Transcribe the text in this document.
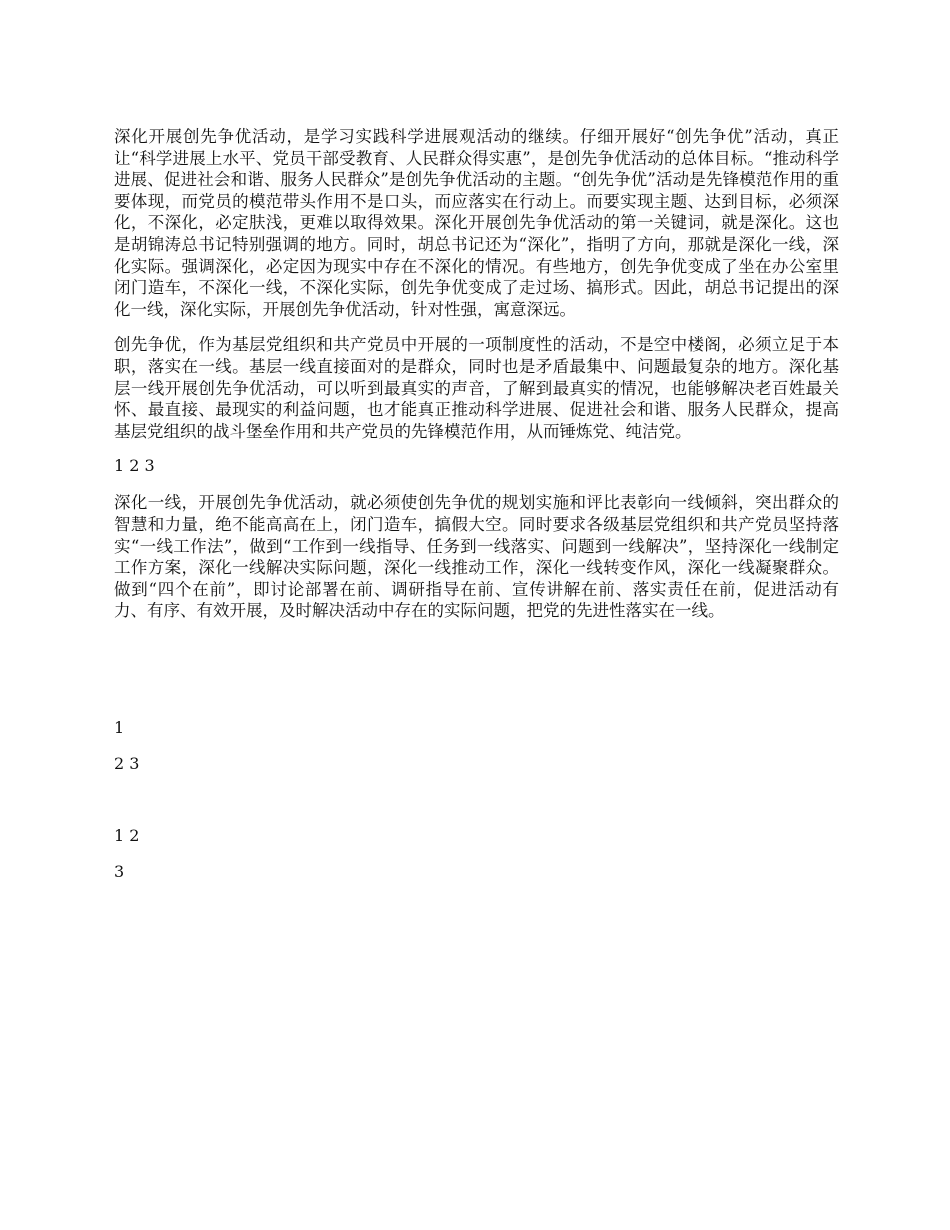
深化开展创先争优活动，是学习实践科学进展观活动的继续。仔细开展好“创先争优”活动，真正让“科学进展上水平、党员干部受教育、人民群众得实惠”，是创先争优活动的总体目标。“推动科学进展、促进社会和谐、服务人民群众”是创先争优活动的主题。“创先争优”活动是先锋模范作用的重要体现，而党员的模范带头作用不是口头，而应落实在行动上。而要实现主题、达到目标，必须深化，不深化，必定肤浅，更难以取得效果。深化开展创先争优活动的第一关键词，就是深化。这也是胡锦涛总书记特别强调的地方。同时，胡总书记还为“深化”，指明了方向，那就是深化一线，深化实际。强调深化，必定因为现实中存在不深化的情况。有些地方，创先争优变成了坐在办公室里闭门造车，不深化一线，不深化实际，创先争优变成了走过场、搞形式。因此，胡总书记提出的深化一线，深化实际，开展创先争优活动，针对性强，寓意深远。

创先争优，作为基层党组织和共产党员中开展的一项制度性的活动，不是空中楼阁，必须立足于本职，落实在一线。基层一线直接面对的是群众，同时也是矛盾最集中、问题最复杂的地方。深化基层一线开展创先争优活动，可以听到最真实的声音，了解到最真实的情况，也能够解决老百姓最关怀、最直接、最现实的利益问题，也才能真正推动科学进展、促进社会和谐、服务人民群众，提高基层党组织的战斗堡垒作用和共产党员的先锋模范作用，从而锤炼党、纯洁党。

1 2 3

深化一线，开展创先争优活动，就必须使创先争优的规划实施和评比表彰向一线倾斜，突出群众的智慧和力量，绝不能高高在上，闭门造车，搞假大空。同时要求各级基层党组织和共产党员坚持落实“一线工作法”，做到“工作到一线指导、任务到一线落实、问题到一线解决”，坚持深化一线制定工作方案，深化一线解决实际问题，深化一线推动工作，深化一线转变作风，深化一线凝聚群众。做到“四个在前”，即讨论部署在前、调研指导在前、宣传讲解在前、落实责任在前，促进活动有力、有序、有效开展，及时解决活动中存在的实际问题，把党的先进性落实在一线。

1

2 3

1 2

3
